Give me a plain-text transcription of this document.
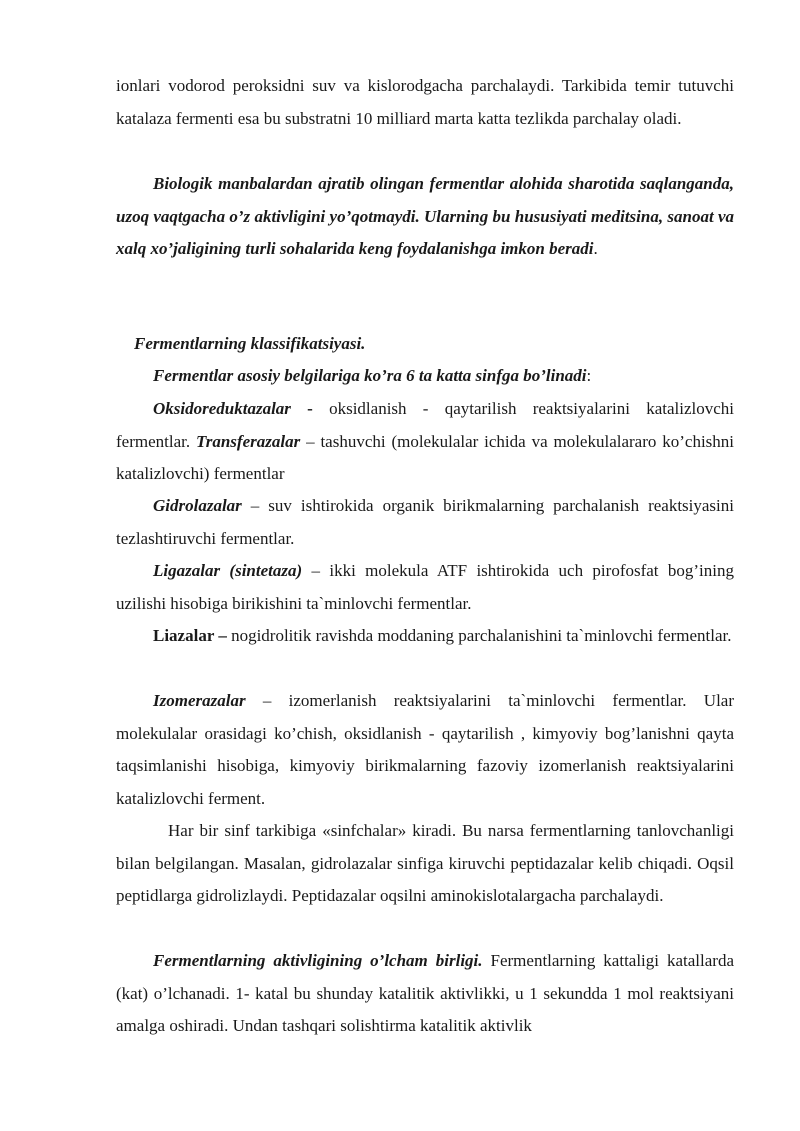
ionlari vodorod peroksidni suv va kislorodgacha parchalaydi. Tarkibida temir tutuvchi katalaza fermenti esa bu substratni 10 milliard marta katta tezlikda parchalay oladi.

Biologik manbalardan ajratib olingan fermentlar alohida sharotida saqlanganda, uzoq vaqtgacha o’z aktivligini yo’qotmaydi. Ularning bu hususiyati meditsina, sanoat va xalq xo’jaligining turli sohalarida keng foydalanishga imkon beradi.

Fermentlarning klassifikatsiyasi.

Fermentlar asosiy belgilariga ko’ra 6 ta katta sinfga bo’linadi:

Oksidoreduktazalar - oksidlanish - qaytarilish reaktsiyalarini katalizlovchi fermentlar. Transferazalar – tashuvchi (molekulalar ichida va molekulalararo ko’chishni katalizlovchi) fermentlar

Gidrolazalar – suv ishtirokida organik birikmalarning parchalanish reaktsiyasini tezlashtiruvchi fermentlar.

Ligazalar (sintetaza) – ikki molekula ATF ishtirokida uch pirofosfat bog’ining uzilishi hisobiga birikishini ta`minlovchi fermentlar.

Liazalar – nogidrolitik ravishda moddaning parchalanishini ta`minlovchi fermentlar.

Izomerazalar – izomerlanish reaktsiyalarini ta`minlovchi fermentlar. Ular molekulalar orasidagi ko’chish, oksidlanish - qaytarilish , kimyoviy bog’lanishni qayta taqsimlanishi hisobiga, kimyoviy birikmalarning fazoviy izomerlanish reaktsiyalarini katalizlovchi ferment.

Har bir sinf tarkibiga «sinfchalar» kiradi. Bu narsa fermentlarning tanlovchanligi bilan belgilangan. Masalan, gidrolazalar sinfiga kiruvchi peptidazalar kelib chiqadi. Oqsil peptidlarga gidrolizlaydi. Peptidazalar oqsilni aminokislotalargacha parchalaydi.

Fermentlarning aktivligining o’lcham birligi. Fermentlarning kattaligi katallarda (kat) o’lchanadi. 1- katal bu shunday katalitik aktivlikki, u 1 sekundda 1 mol reaktsiyani amalga oshiradi. Undan tashqari solishtirma katalitik aktivlik
